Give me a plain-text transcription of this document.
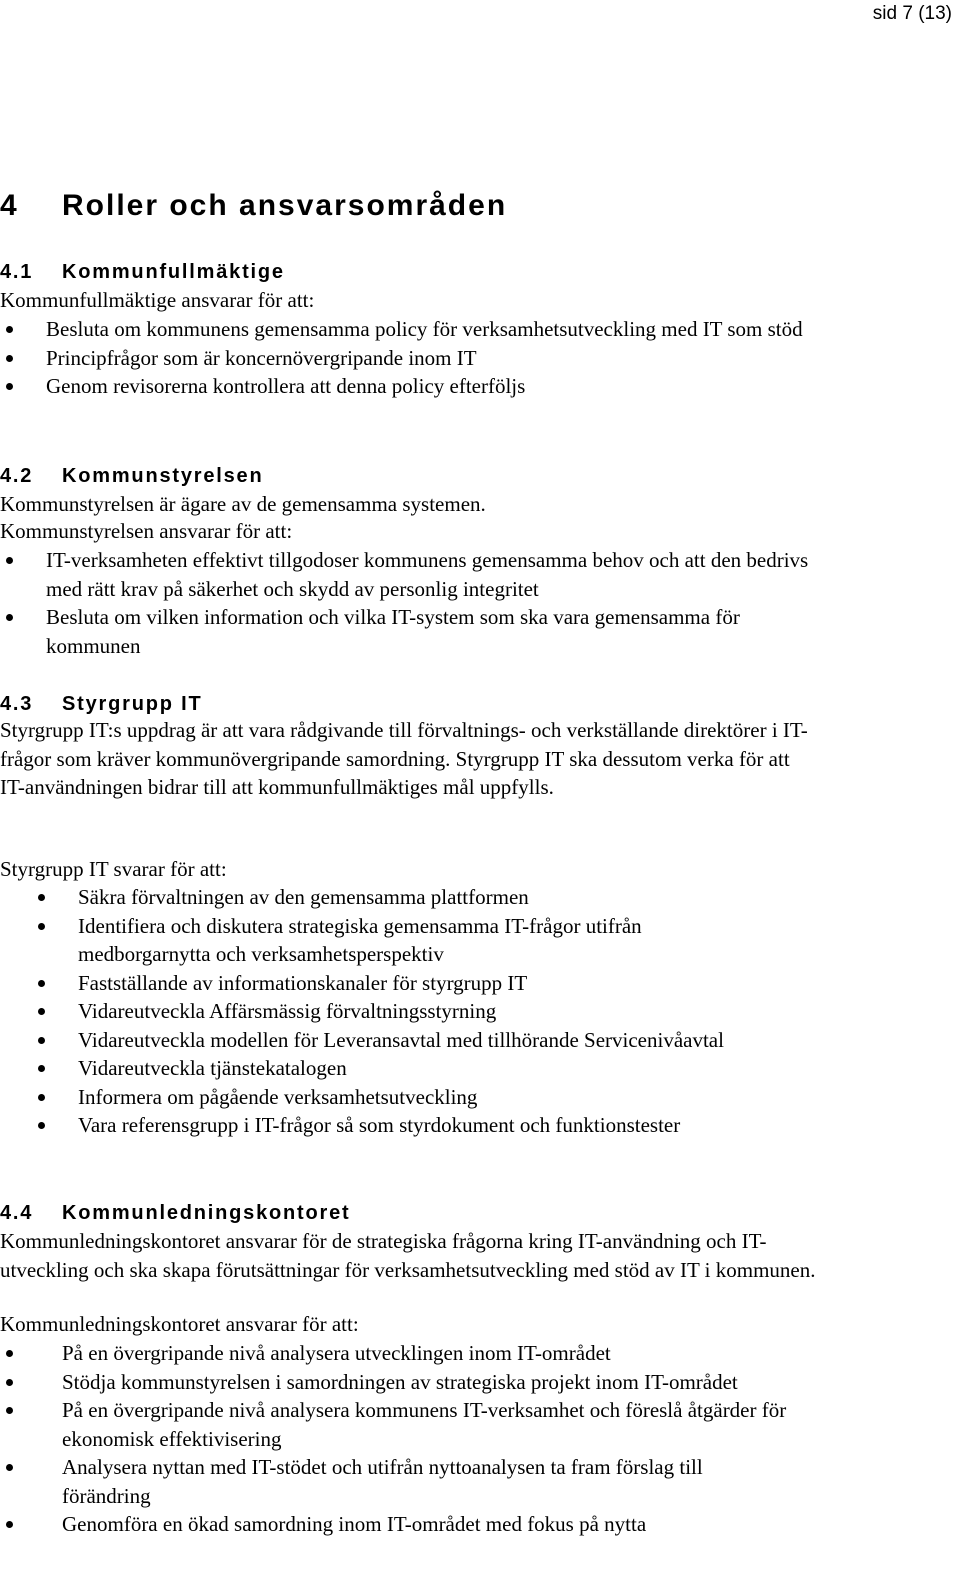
sid 7 (13)
4 Roller och ansvarsområden
4.1 Kommunfullmäktige
Kommunfullmäktige ansvarar för att:
Besluta om kommunens gemensamma policy för verksamhetsutveckling med IT som stöd
Principfrågor som är koncernövergripande inom IT
Genom revisorerna kontrollera att denna policy efterföljs
4.2 Kommunstyrelsen
Kommunstyrelsen är ägare av de gemensamma systemen.
Kommunstyrelsen ansvarar för att:
IT-verksamheten effektivt tillgodoser kommunens gemensamma behov och att den bedrivs med rätt krav på säkerhet och skydd av personlig integritet
Besluta om vilken information och vilka IT-system som ska vara gemensamma för kommunen
4.3 Styrgrupp IT
Styrgrupp IT:s uppdrag är att vara rådgivande till förvaltnings- och verkställande direktörer i IT-frågor som kräver kommunövergripande samordning. Styrgrupp IT ska dessutom verka för att IT-användningen bidrar till att kommunfullmäktiges mål uppfylls.
Styrgrupp IT svarar för att:
Säkra förvaltningen av den gemensamma plattformen
Identifiera och diskutera strategiska gemensamma IT-frågor utifrån medborgarnytta och verksamhetsperspektiv
Fastställande av informationskanaler för styrgrupp IT
Vidareutveckla Affärsmässig förvaltningsstyrning
Vidareutveckla modellen för Leveransavtal med tillhörande Servicenivåavtal
Vidareutveckla tjänstekatalogen
Informera om pågående verksamhetsutveckling
Vara referensgrupp i IT-frågor så som styrdokument och funktionstester
4.4 Kommunledningskontoret
Kommunledningskontoret ansvarar för de strategiska frågorna kring IT-användning och IT-utveckling och ska skapa förutsättningar för verksamhetsutveckling med stöd av IT i kommunen.
Kommunledningskontoret ansvarar för att:
På en övergripande nivå analysera utvecklingen inom IT-området
Stödja kommunstyrelsen i samordningen av strategiska projekt inom IT-området
På en övergripande nivå analysera kommunens IT-verksamhet och föreslå åtgärder för ekonomisk effektivisering
Analysera nyttan med IT-stödet och utifrån nyttoanalysen ta fram förslag till förändring
Genomföra en ökad samordning inom IT-området med fokus på nytta
